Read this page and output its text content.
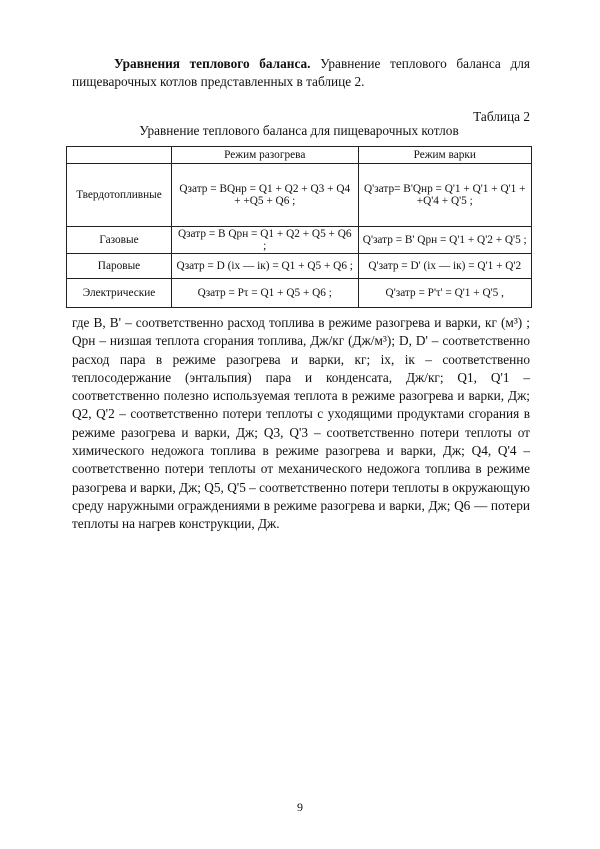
Уравнения теплового баланса. Уравнение теплового баланса для пищеварочных котлов представленных в таблице 2.

Таблица 2

Уравнение теплового баланса для пищеварочных котлов

	Режим разогрева	Режим варки
Твердотопливные	Qзатр = BQнр = Q1 + Q2 + Q3 + Q4 + +Q5 + Q6 ;	Q'затр= B'Qнр = Q'1 + Q'1 + Q'1 + +Q'4 + Q'5 ;
Газовые	Qзатр = B Qрн = Q1 + Q2 + Q5 + Q6 ;	Q'затр = B' Qрн = Q'1 + Q'2 + Q'5 ;
Паровые	Qзатр = D (iх — iк) = Q1 + Q5 + Q6 ;	Q'затр = D' (iх — iк) = Q'1 + Q'2
Электрические	Qзатр = Pτ = Q1 + Q5 + Q6 ;	Q'затр = P'τ' = Q'1 + Q'5 ,

где B, B' – соответственно расход топлива в режиме разогрева и варки, кг (м³) ; Qрн – низшая теплота сгорания топлива, Дж/кг (Дж/м³); D, D' – соответственно расход пара в режиме разогрева и варки, кг; iх, iк – соответственно теплосодержание (энтальпия) пара и конденсата, Дж/кг; Q1, Q'1 – соответственно полезно используемая теплота в режиме разогрева и варки, Дж; Q2, Q'2 – соответственно потери теплоты с уходящими продуктами сгорания в режиме разогрева и варки, Дж; Q3, Q'3 – соответственно потери теплоты от химического недожога топлива в режиме разогрева и варки, Дж; Q4, Q'4 – соответственно потери теплоты от механического недожога топлива в режиме разогрева и варки, Дж; Q5, Q'5 – соответственно потери теплоты в окружающую среду наружными ограждениями в режиме разогрева и варки, Дж; Q6 — потери теплоты на нагрев конструкции, Дж.

9
